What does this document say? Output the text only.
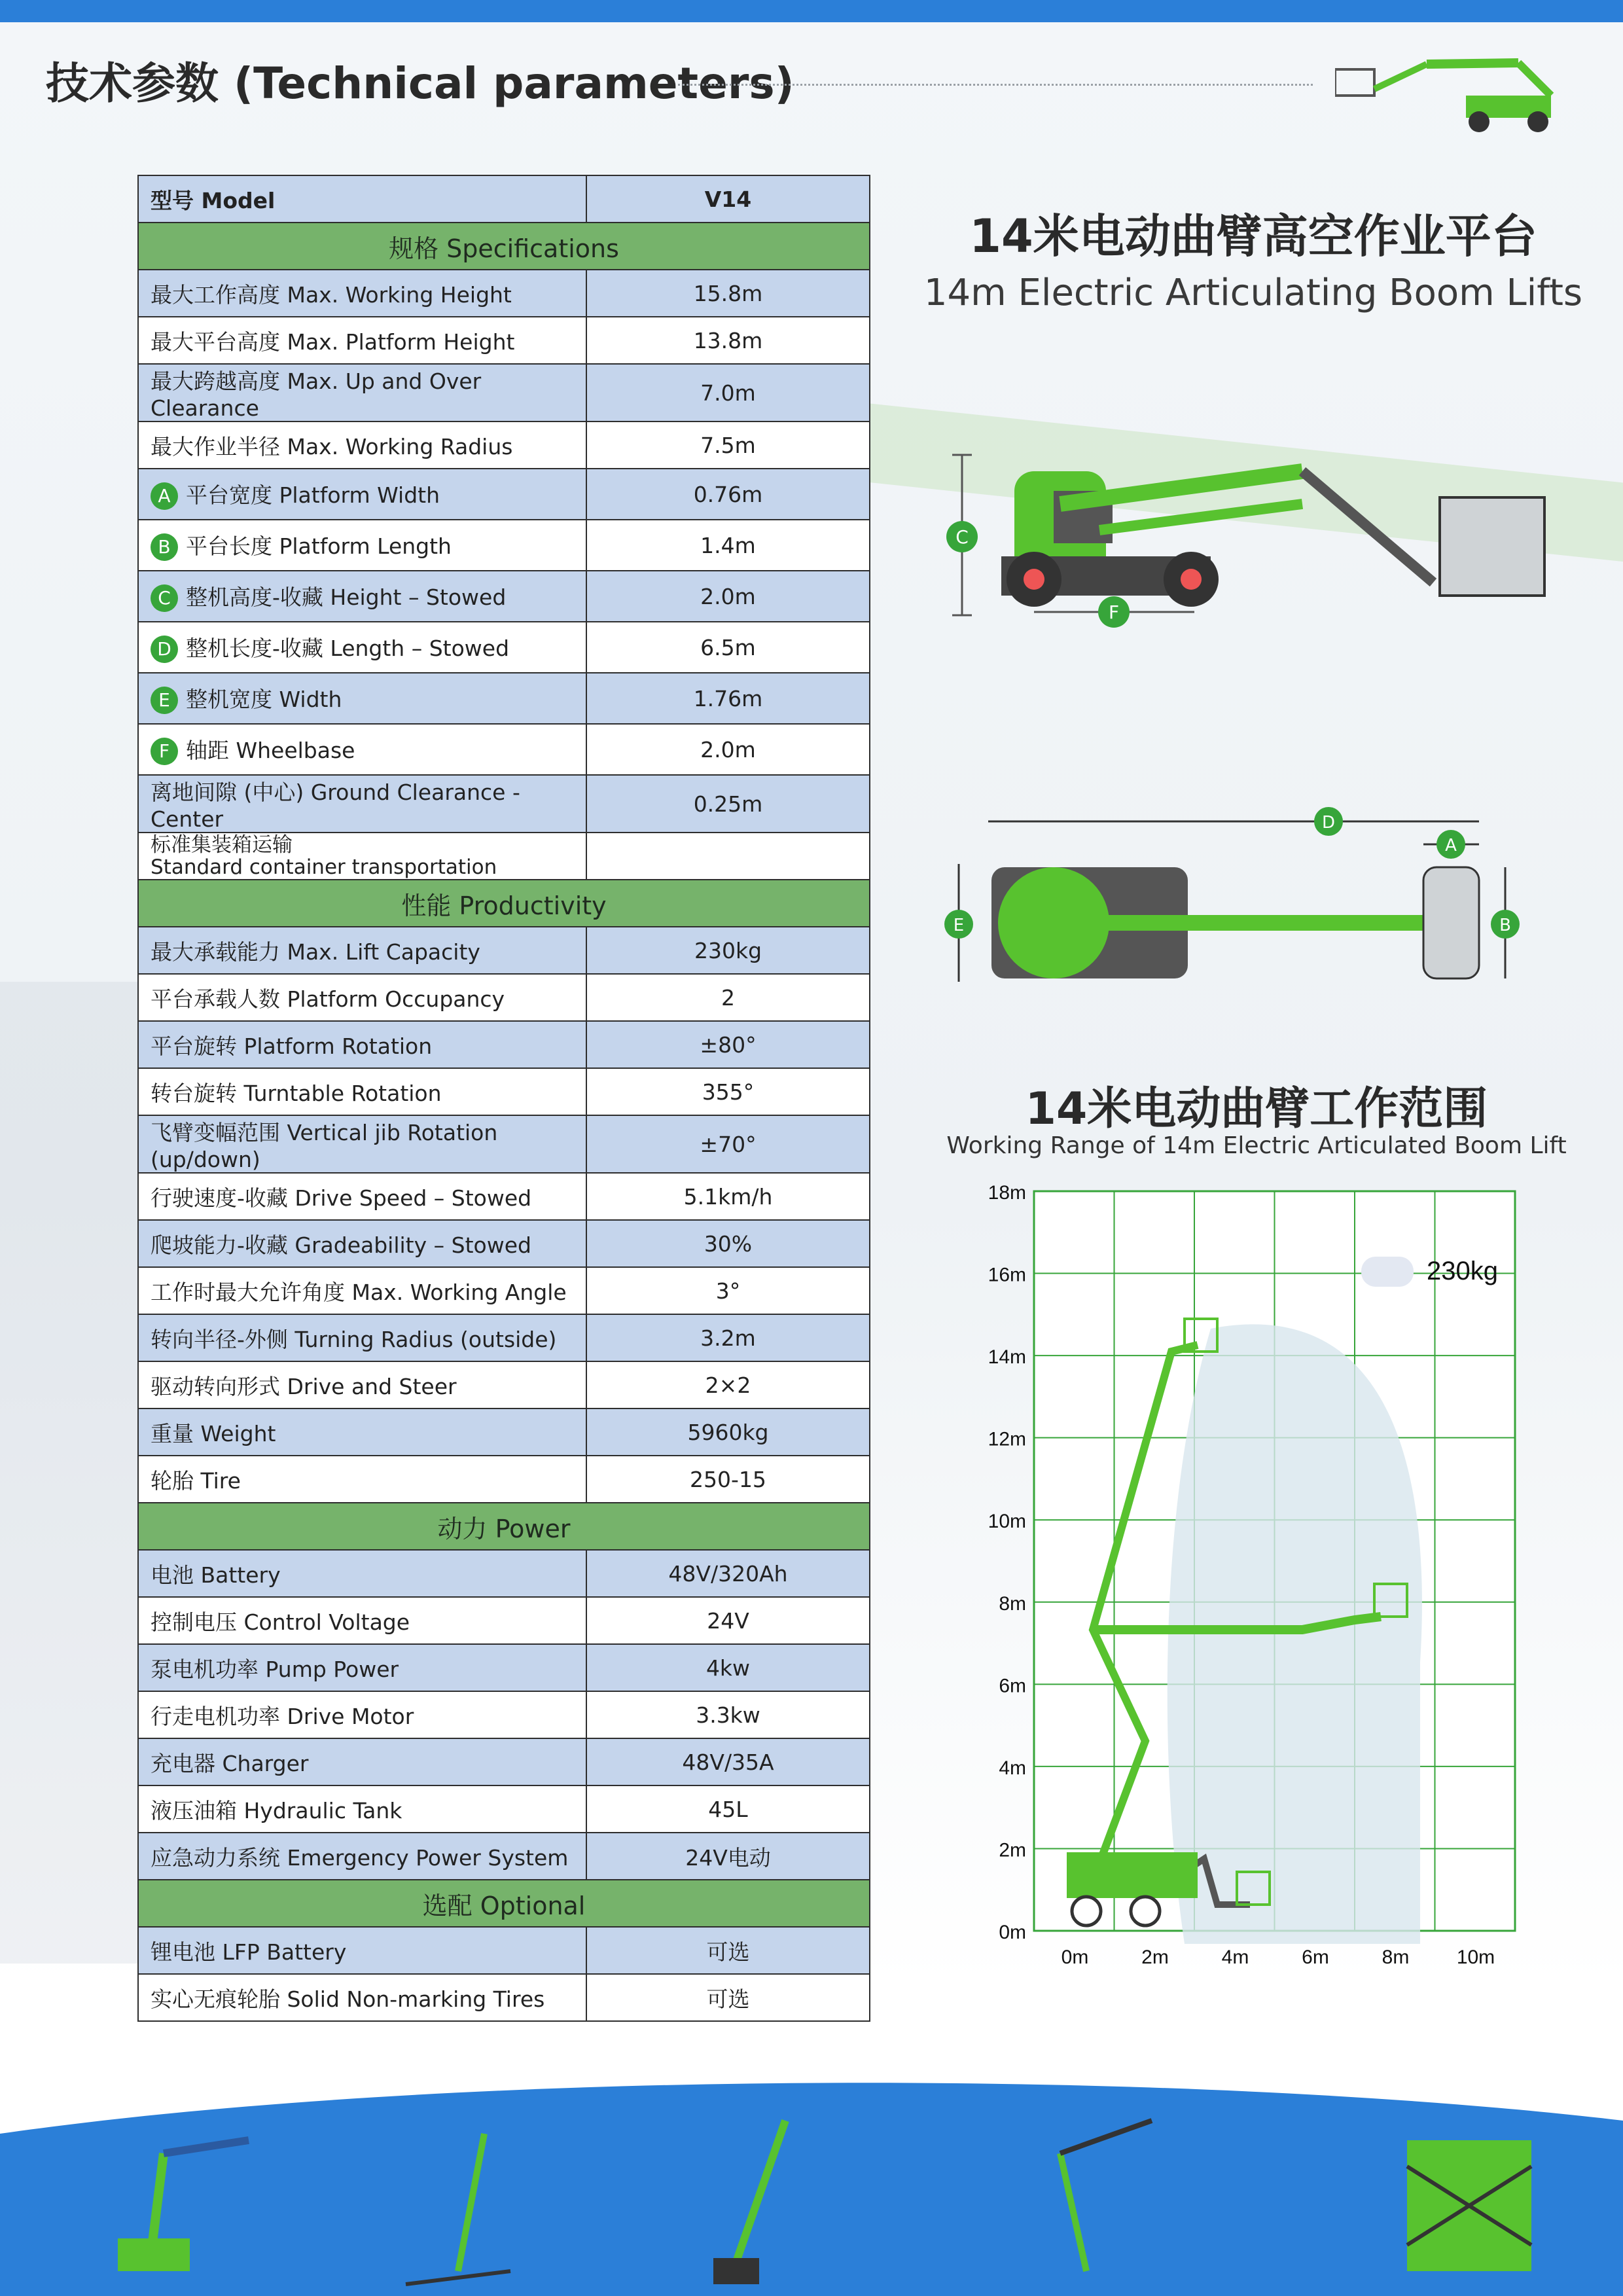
技术参数 (Technical parameters)
型号 Model	V14
规格 Specifications	
最大工作高度 Max. Working Height	15.8m
最大平台高度 Max. Platform Height	13.8m
最大跨越高度 Max. Up and Over Clearance	7.0m
最大作业半径 Max. Working Radius	7.5m
A 平台宽度 Platform Width	0.76m
B 平台长度 Platform Length	1.4m
C 整机高度-收藏 Height – Stowed	2.0m
D 整机长度-收藏 Length – Stowed	6.5m
E 整机宽度 Width	1.76m
F 轴距 Wheelbase	2.0m
离地间隙 (中心) Ground Clearance - Center	0.25m

标准集装箱运输
Standard container transportation	

性能 Productivity	
最大承载能力 Max. Lift Capacity	230kg
平台承载人数 Platform Occupancy	2
平台旋转 Platform Rotation	±80°
转台旋转 Turntable Rotation	355°
飞臂变幅范围 Vertical jib Rotation (up/down)	±70°
行驶速度-收藏 Drive Speed – Stowed	5.1km/h
爬坡能力-收藏 Gradeability – Stowed	30%
工作时最大允许角度 Max. Working Angle	3°
转向半径-外侧 Turning Radius (outside)	3.2m
驱动转向形式 Drive and Steer	2×2
重量 Weight	5960kg
轮胎 Tire	250-15
动力 Power	
电池 Battery	48V/320Ah
控制电压 Control Voltage	24V
泵电机功率 Pump Power	4kw
行走电机功率 Drive Motor	3.3kw
充电器 Charger	48V/35A
液压油箱 Hydraulic Tank	45L
应急动力系统 Emergency Power System	24V电动
选配 Optional	
锂电池 LFP Battery	可选
实心无痕轮胎 Solid Non-marking Tires	可选
14米电动曲臂高空作业平台
14m Electric Articulating Boom Lifts
C
F
D
A
E	B
14米电动曲臂工作范围
Working Range of 14m Electric Articulated Boom Lift
18m
16m
14m
12m
10m
8m
6m
4m
2m
0m
0m	2m	4m	6m	8m 10m
230kg
